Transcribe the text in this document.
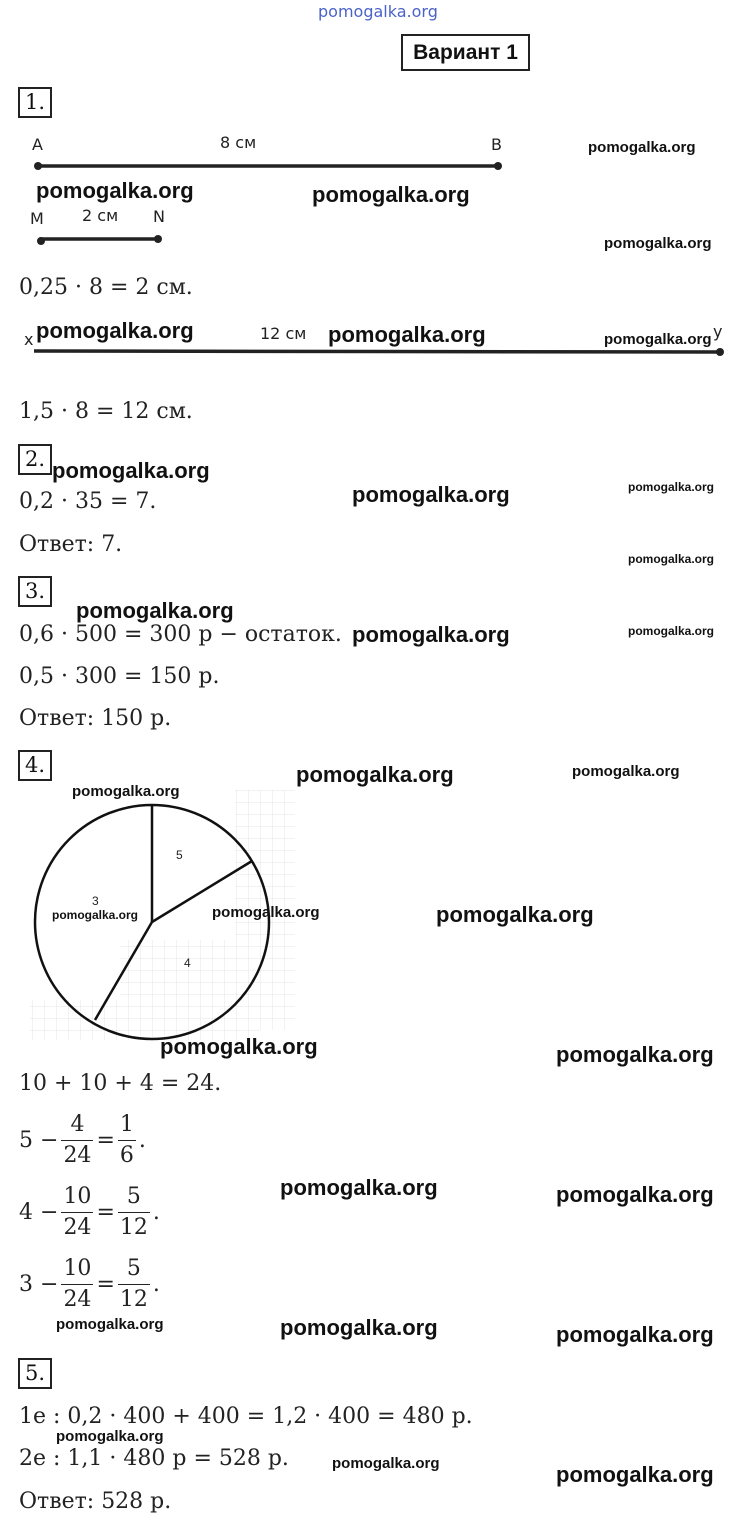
pomogalka.org
Вариант 1
1.
A	8 см	B	pomogalka.org
pomogalka.org	pomogalka.org
M 2 см N
pomogalka.org
0,25 · 8 = 2 см.
x pomogalka.org	12 см pomogalka.org	pomogalka.org y
1,5 · 8 = 12 см.
2. pomogalka.org
0,2 · 35 = 7.	pomogalka.org	pomogalka.org
Ответ: 7.
pomogalka.org
3.
pomogalka.org
0,6 · 500 = 300 р − остаток. pomogalka.org	pomogalka.org
0,5 · 300 = 150 р.
Ответ: 150 р.
4.	pomogalka.org	pomogalka.org
pomogalka.org
5
4
3
pomogalka.org	pomogalka.org	pomogalka.org
pomogalka.org	pomogalka.org
10 + 10 + 4 = 24.
$5 - \frac{4}{24} = \frac{1}{6}$ .
pomogalka.org	pomogalka.org
$4 - \frac{10}{24} = \frac{5}{12}$ .
$3 - \frac{10}{24} = \frac{5}{12}$ .
pomogalka.org	pomogalka.org	pomogalka.org
5.
1е : 0,2 · 400 + 400 = 1,2 · 400 = 480 р.
pomogalka.org
2е : 1,1 · 480 р = 528 р.	pomogalka.org	pomogalka.org
Ответ: 528 р.
